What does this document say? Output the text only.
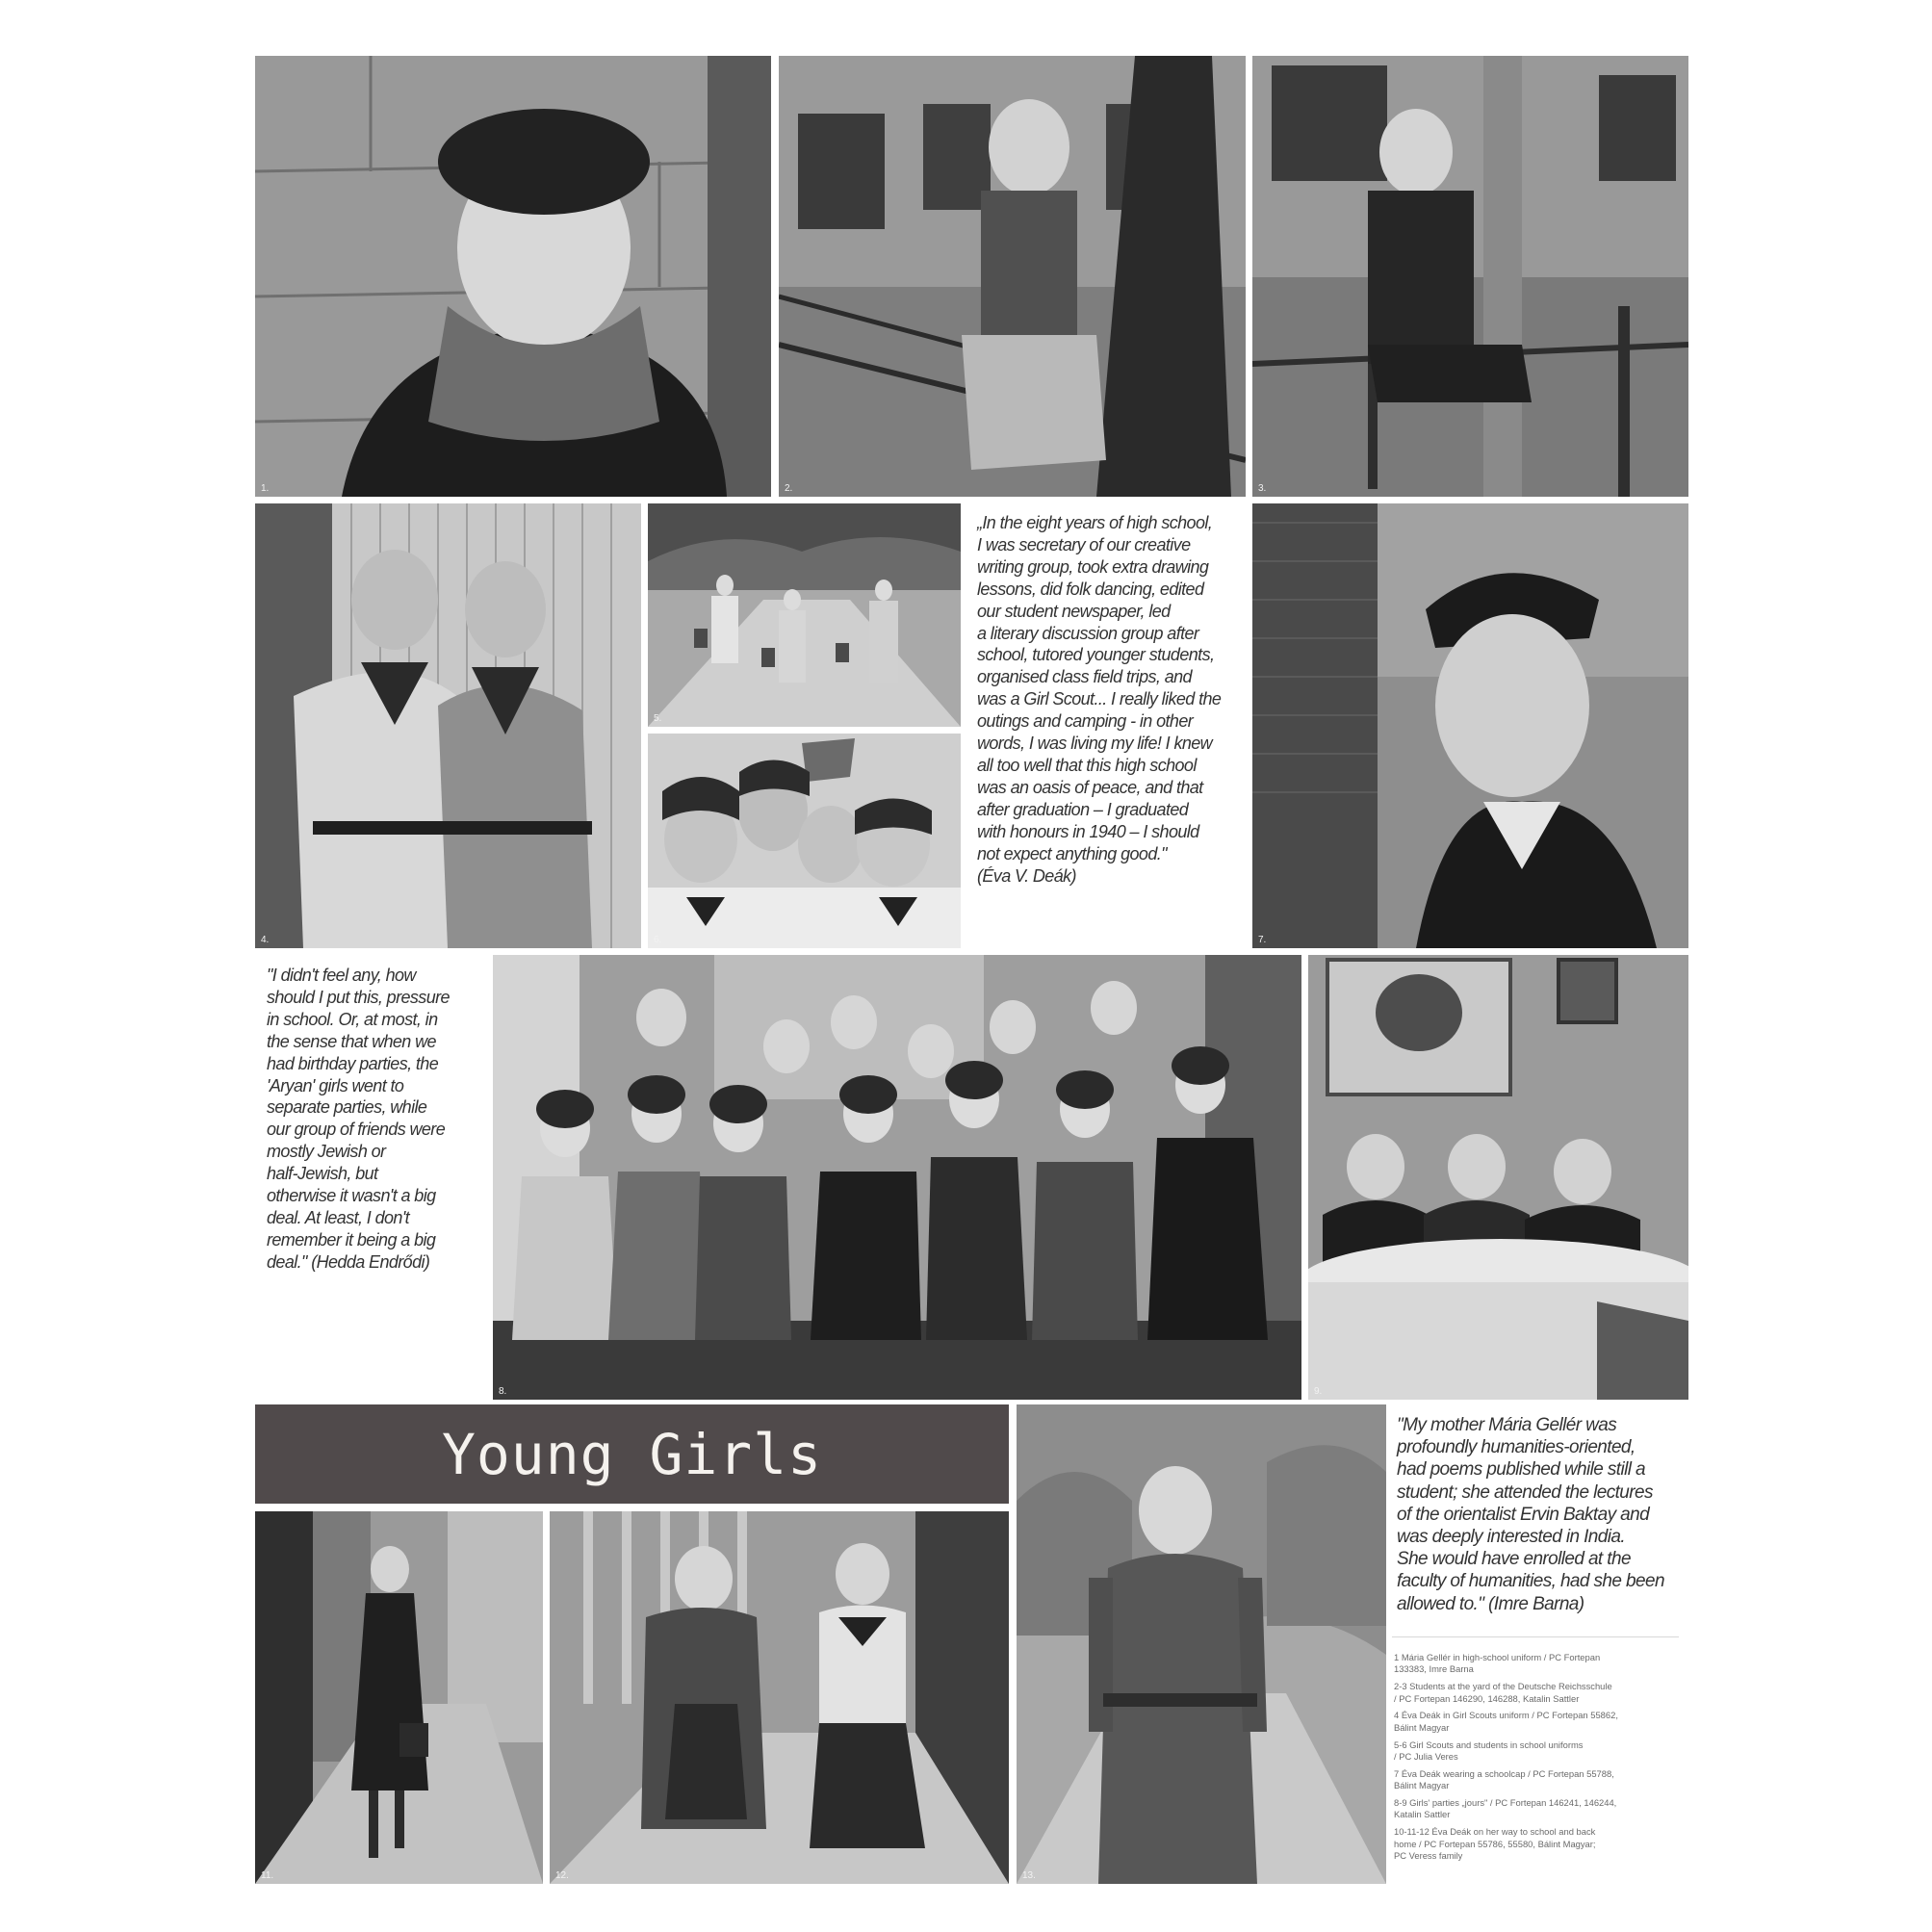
1.	2.	3.
4.
5.
6.	7.
8.	9.
11.	12.	13.

„In the eight years of high school,

I was secretary of our creative

writing group, took extra drawing

lessons, did folk dancing, edited

our student newspaper, led

a literary discussion group after

school, tutored younger students,

organised class field trips, and

was a Girl Scout... I really liked the

outings and camping - in other

words, I was living my life! I knew

all too well that this high school

was an oasis of peace, and that

after graduation – I graduated

with honours in 1940 – I should

not expect anything good."

(Éva V. Deák)

"I didn't feel any, how

should I put this, pressure

in school. Or, at most, in

the sense that when we

had birthday parties, the

'Aryan' girls went to

separate parties, while

our group of friends were

mostly Jewish or

half-Jewish, but

otherwise it wasn't a big

deal. At least, I don't

remember it being a big

deal." (Hedda Endrődi)

"My mother Mária Gellér was

profoundly humanities-oriented,

had poems published while still a

student; she attended the lectures

of the orientalist Ervin Baktay and

was deeply interested in India.

She would have enrolled at the

faculty of humanities, had she been

allowed to." (Imre Barna)

Young Girls
1 Mária Gellér in high-school uniform / PC Fortepan
133383, Imre Barna
2-3 Students at the yard of the Deutsche Reichsschule
/ PC Fortepan 146290, 146288, Katalin Sattler
4 Éva Deák in Girl Scouts uniform / PC Fortepan 55862,
Bálint Magyar
5-6 Girl Scouts and students in school uniforms
/ PC Julia Veres
7 Éva Deák wearing a schoolcap / PC Fortepan 55788,
Bálint Magyar
8-9 Girls' parties „jours" / PC Fortepan 146241, 146244,
Katalin Sattler
10-11-12 Éva Deák on her way to school and back
home / PC Fortepan 55786, 55580, Bálint Magyar;
PC Veress family
